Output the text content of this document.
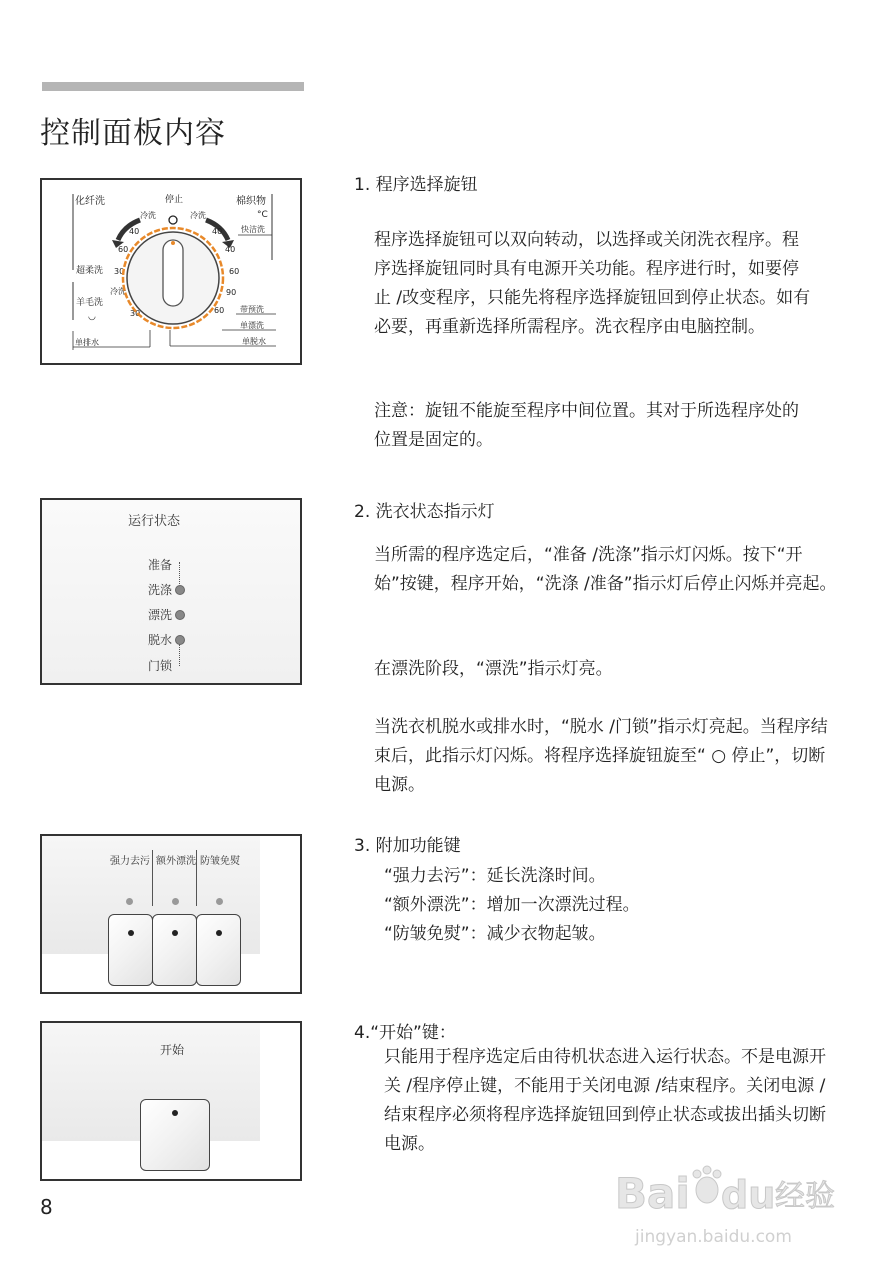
控制面板内容
化纤洗	停止	棉织物
°C
冷洗	冷洗
快洁洗
40
60
30
30
40
40
60
90
60
超柔洗
羊毛洗
◡
冷洗
带预洗
单漂洗
单脱水
单排水
1. 程序选择旋钮

程序选择旋钮可以双向转动，以选择或关闭洗衣程序。程序选择旋钮同时具有电源开关功能。程序进行时，如要停止 /改变程序，只能先将程序选择旋钮回到停止状态。如有必要，再重新选择所需程序。洗衣程序由电脑控制。

注意：旋钮不能旋至程序中间位置。其对于所选程序处的位置是固定的。

运行状态
准备
洗涤
漂洗
脱水
门锁
2. 洗衣状态指示灯

当所需的程序选定后，“准备 /洗涤”指示灯闪烁。按下“开始”按键，程序开始，“洗涤 /准备”指示灯后停止闪烁并亮起。

在漂洗阶段，“漂洗”指示灯亮。

当洗衣机脱水或排水时，“脱水 /门锁”指示灯亮起。当程序结束后，此指示灯闪烁。将程序选择旋钮旋至“ ○ 停止”，切断电源。

强力去污 额外漂洗 防皱免熨
3. 附加功能键
“强力去污”：延长洗涤时间。
“额外漂洗”：增加一次漂洗过程。
“防皱免熨”：减少衣物起皱。
开始
4.“开始”键：

只能用于程序选定后由待机状态进入运行状态。不是电源开关 /程序停止键，不能用于关闭电源 /结束程序。关闭电源 /结束程序必须将程序选择旋钮回到停止状态或拔出插头切断电源。

8	Bai du 经验
jingyan.baidu.com
